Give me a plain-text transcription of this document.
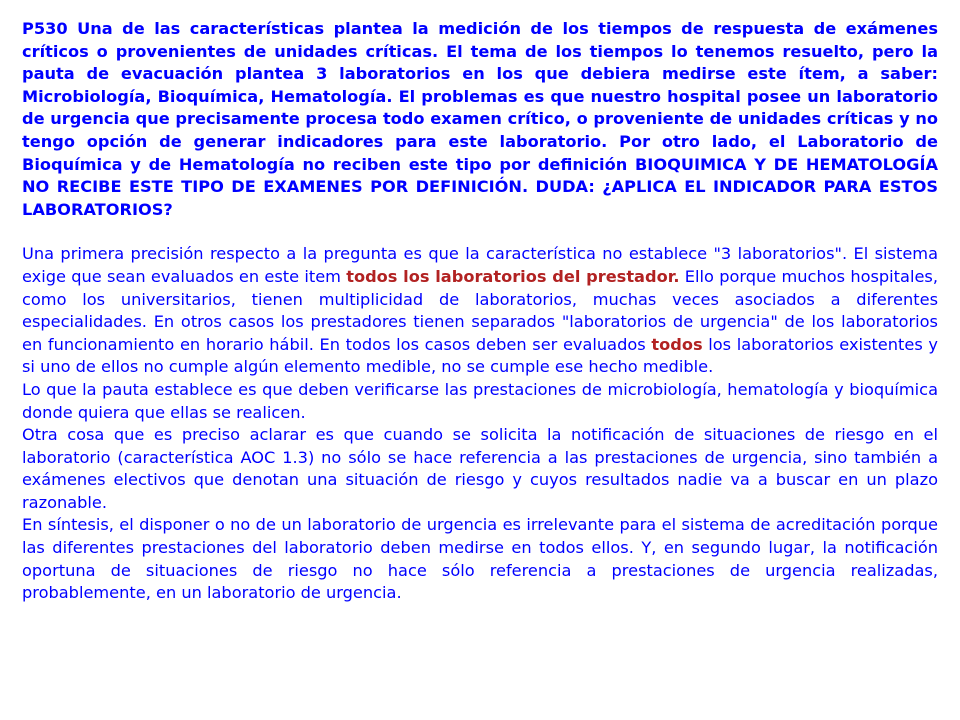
P530 Una de las características plantea la medición de los tiempos de respuesta de exámenes críticos o provenientes de unidades críticas. El tema de los tiempos lo tenemos resuelto, pero la pauta de evacuación plantea 3 laboratorios en los que debiera medirse este ítem, a saber: Microbiología, Bioquímica, Hematología. El problemas es que nuestro hospital posee un laboratorio de urgencia que precisamente procesa todo examen crítico, o proveniente de unidades críticas y no tengo opción de generar indicadores para este laboratorio. Por otro lado, el Laboratorio de Bioquímica y de Hematología no reciben este tipo por definición BIOQUIMICA Y DE HEMATOLOGÍA NO RECIBE ESTE TIPO DE EXAMENES POR DEFINICIÓN. DUDA: ¿APLICA EL INDICADOR PARA ESTOS LABORATORIOS?

Una primera precisión respecto a la pregunta es que la característica no establece "3 laboratorios". El sistema exige que sean evaluados en este item todos los laboratorios del prestador. Ello porque muchos hospitales, como los universitarios, tienen multiplicidad de laboratorios, muchas veces asociados a diferentes especialidades. En otros casos los prestadores tienen separados "laboratorios de urgencia" de los laboratorios en funcionamiento en horario hábil. En todos los casos deben ser evaluados todos los laboratorios existentes y si uno de ellos no cumple algún elemento medible, no se cumple ese hecho medible.

Lo que la pauta establece es que deben verificarse las prestaciones de microbiología, hematología y bioquímica donde quiera que ellas se realicen.

Otra cosa que es preciso aclarar es que cuando se solicita la notificación de situaciones de riesgo en el laboratorio (característica AOC 1.3) no sólo se hace referencia a las prestaciones de urgencia, sino también a exámenes electivos que denotan una situación de riesgo y cuyos resultados nadie va a buscar en un plazo razonable.

En síntesis, el disponer o no de un laboratorio de urgencia es irrelevante para el sistema de acreditación porque las diferentes prestaciones del laboratorio deben medirse en todos ellos. Y, en segundo lugar, la notificación oportuna de situaciones de riesgo no hace sólo referencia a prestaciones de urgencia realizadas, probablemente, en un laboratorio de urgencia.
